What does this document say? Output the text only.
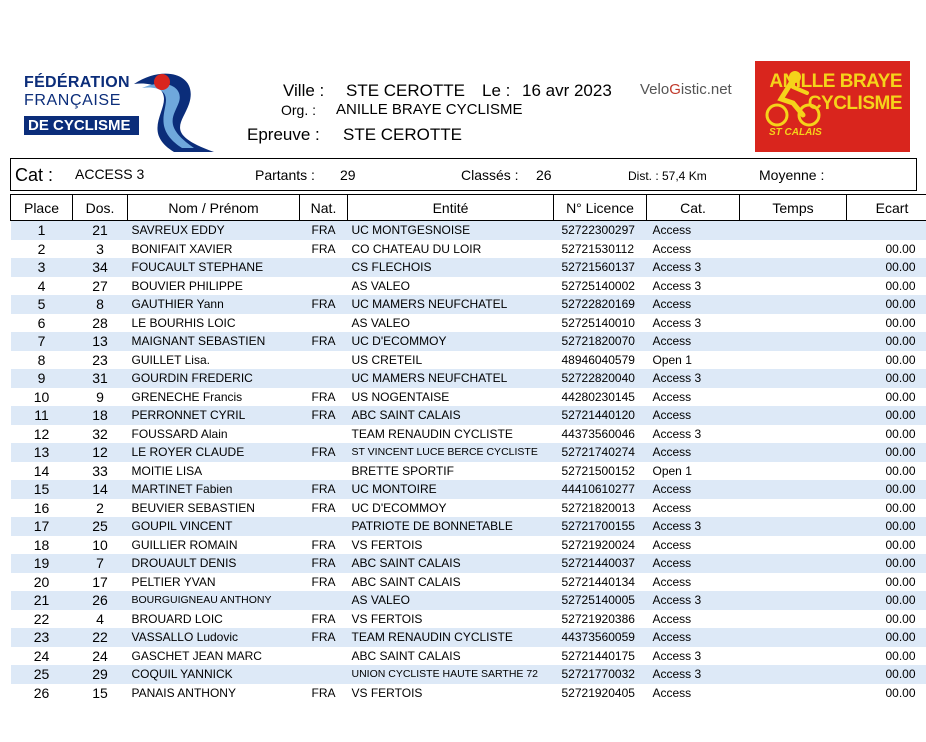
FÉDÉRATION
FRANÇAISE
DE CYCLISME
Ville : STE CEROTTE Le : 16 avr 2023
Org. : ANILLE BRAYE CYCLISME
Epreuve : STE CEROTTE
VeloGistic.net ANILLE BRAYE
CYCLISME
ST CALAIS
Cat : ACCESS 3	Partants : 29	Classés : 26	Dist. : 57,4 Km	Moyenne :
Place	Dos.	Nom / Prénom	Nat.	Entité	N° Licence	Cat.	Temps	Ecart
1	21	SAVREUX EDDY	FRA	UC MONTGESNOISE	52722300297	Access		
2	3	BONIFAIT XAVIER	FRA	CO CHATEAU DU LOIR	52721530112	Access		00.00
3	34	FOUCAULT STEPHANE		CS FLECHOIS	52721560137	Access 3		00.00
4	27	BOUVIER PHILIPPE		AS VALEO	52725140002	Access 3		00.00
5	8	GAUTHIER Yann	FRA	UC MAMERS NEUFCHATEL	52722820169	Access		00.00
6	28	LE BOURHIS LOIC		AS VALEO	52725140010	Access 3		00.00
7	13	MAIGNANT SEBASTIEN	FRA	UC D'ECOMMOY	52721820070	Access		00.00
8	23	GUILLET Lisa.		US CRETEIL	48946040579	Open 1		00.00
9	31	GOURDIN FREDERIC		UC MAMERS NEUFCHATEL	52722820040	Access 3		00.00
10	9	GRENECHE Francis	FRA	US NOGENTAISE	44280230145	Access		00.00
11	18	PERRONNET CYRIL	FRA	ABC SAINT CALAIS	52721440120	Access		00.00
12	32	FOUSSARD Alain		TEAM RENAUDIN CYCLISTE	44373560046	Access 3		00.00
13	12	LE ROYER CLAUDE	FRA	ST VINCENT LUCE BERCE CYCLISTE	52721740274	Access		00.00
14	33	MOITIE LISA		BRETTE SPORTIF	52721500152	Open 1		00.00
15	14	MARTINET Fabien	FRA	UC MONTOIRE	44410610277	Access		00.00
16	2	BEUVIER SEBASTIEN	FRA	UC D'ECOMMOY	52721820013	Access		00.00
17	25	GOUPIL VINCENT		PATRIOTE DE BONNETABLE	52721700155	Access 3		00.00
18	10	GUILLIER ROMAIN	FRA	VS FERTOIS	52721920024	Access		00.00
19	7	DROUAULT DENIS	FRA	ABC SAINT CALAIS	52721440037	Access		00.00
20	17	PELTIER YVAN	FRA	ABC SAINT CALAIS	52721440134	Access		00.00
21	26	BOURGUIGNEAU ANTHONY		AS VALEO	52725140005	Access 3		00.00
22	4	BROUARD LOIC	FRA	VS FERTOIS	52721920386	Access		00.00
23	22	VASSALLO Ludovic	FRA	TEAM RENAUDIN CYCLISTE	44373560059	Access		00.00
24	24	GASCHET JEAN MARC		ABC SAINT CALAIS	52721440175	Access 3		00.00
25	29	COQUIL YANNICK		UNION CYCLISTE HAUTE SARTHE 72	52721770032	Access 3		00.00
26	15	PANAIS ANTHONY	FRA	VS FERTOIS	52721920405	Access		00.00
